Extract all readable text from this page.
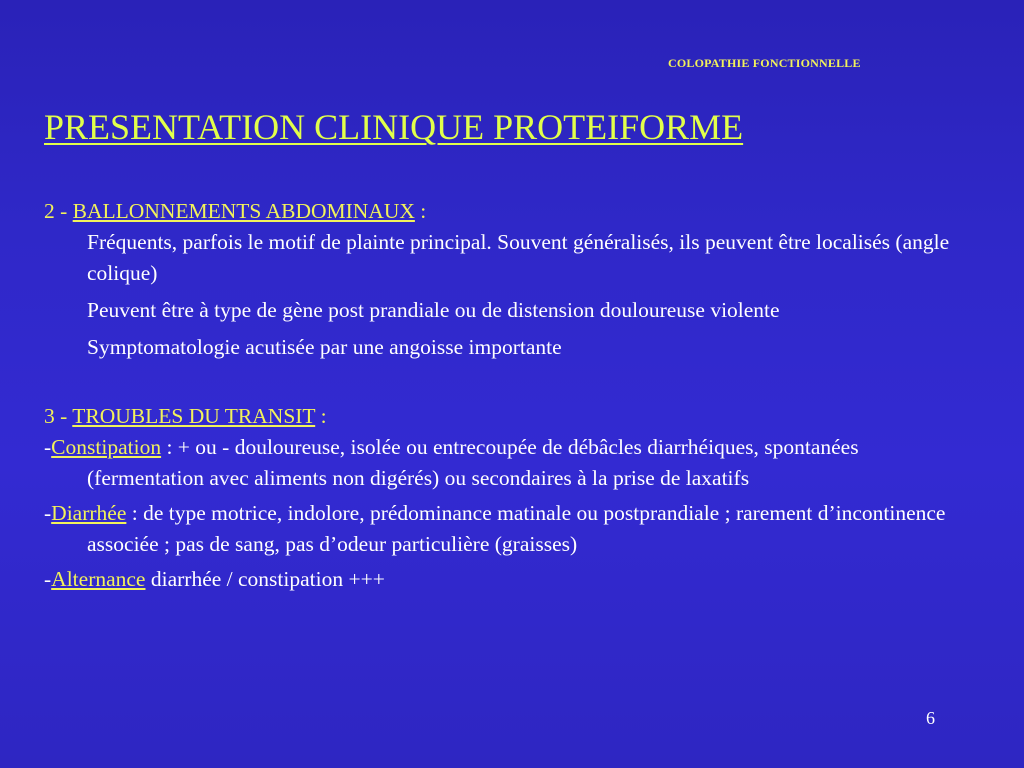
COLOPATHIE FONCTIONNELLE
PRESENTATION CLINIQUE PROTEIFORME

2 - BALLONNEMENTS ABDOMINAUX :

Fréquents, parfois le motif de plainte principal. Souvent généralisés, ils peuvent être localisés (angle colique)

Peuvent être à type de gène post prandiale ou de distension douloureuse violente

Symptomatologie acutisée par une angoisse importante

3 - TROUBLES DU TRANSIT :

-Constipation : + ou - douloureuse, isolée ou entrecoupée de débâcles diarrhéiques, spontanées (fermentation avec aliments non digérés) ou secondaires à la prise de laxatifs

-Diarrhée : de type motrice, indolore, prédominance matinale ou postprandiale ; rarement d’incontinence associée ; pas de sang, pas d’odeur particulière (graisses)

-Alternance diarrhée / constipation +++

6
